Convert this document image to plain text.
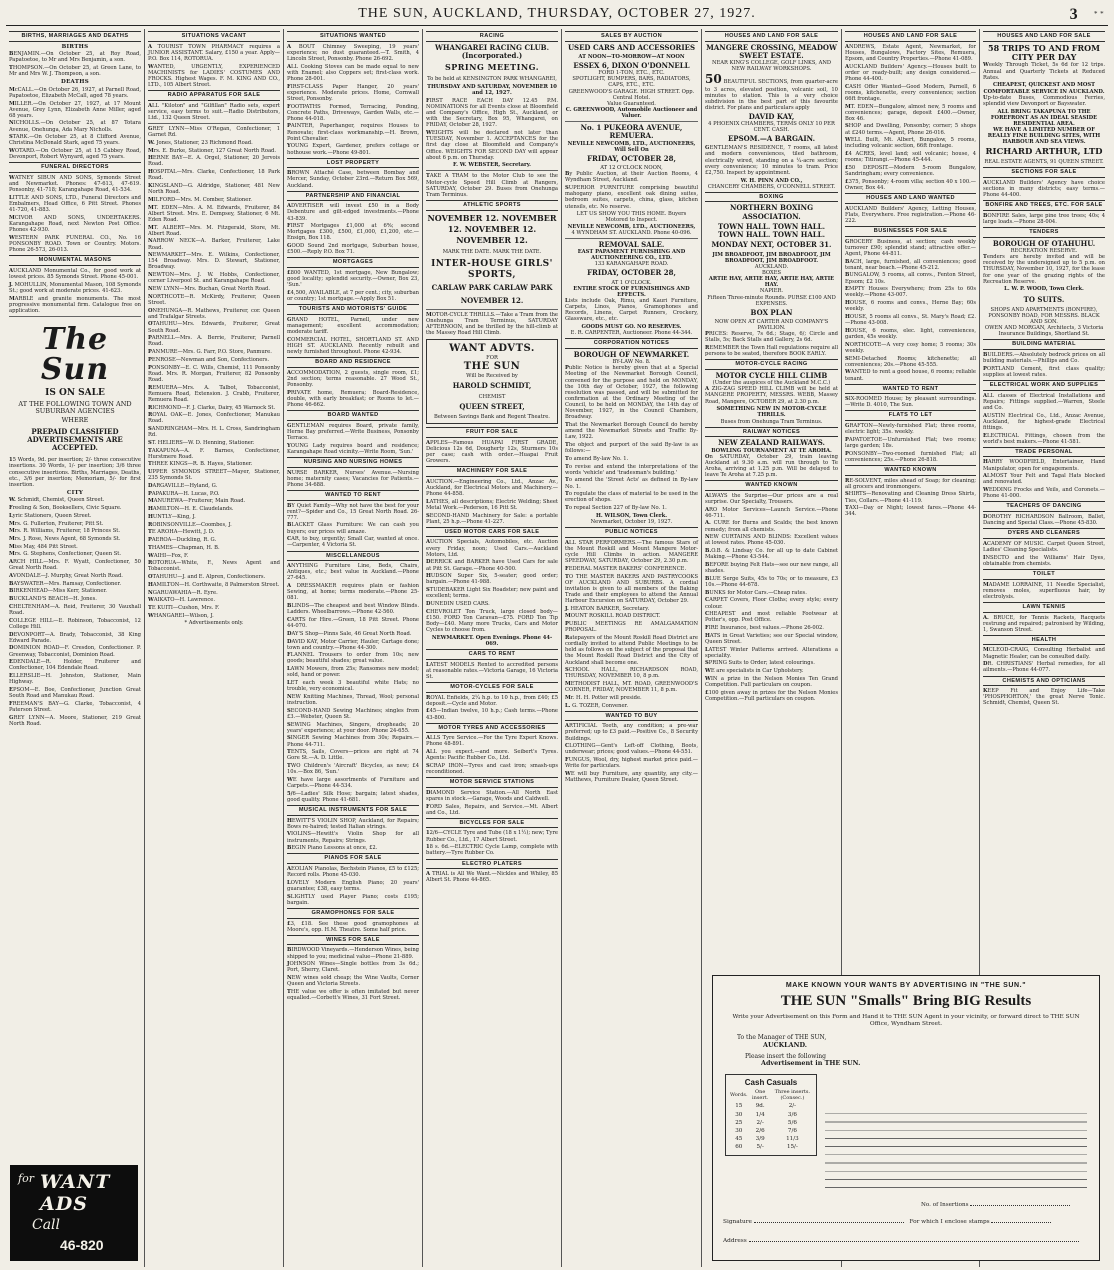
THE SUN, AUCKLAND, THURSDAY, OCTOBER 27, 1927.	3 * *
BIRTHS, MARRIAGES AND DEATHS
BIRTHS
BENJAMIN.—On October 25, at Roy Road, Papatoetoe, to Mr and Mrs Benjamin, a son.
THOMPSON.—On October 25, at Green Lane, to Mr and Mrs W. J. Thompson, a son.
DEATHS
McCALL.—On October 26, 1927, at Parnell Road, Papatoetoe, Elizabeth McCall, aged 78 years.
MILLER.—On October 27, 1927, at 17 Mount Avenue, Grey Lynn, Elizabeth Anne Miller, aged 68 years.
NICHOLLS.—On October 25, at 87 Totara Avenue, Onehunga, Ada Mary Nicholls.
STARK.—On October 25, at 8 Clifford Avenue, Christina McDonald Stark, aged 75 years.
WOTARD.—On October 25, at 15 Cabbey Road, Devonport, Robert Wynyard, aged 75 years.
FUNERAL DIRECTORS
WATNEY SIBUN AND SONS, Symonds Street and Newmarket. Phones: 47-613, 47-619. Ponsonby, 41-718; Karangahape Road, 41-534.
LITTLE AND SONS, LTD., Funeral Directors and Embalmers, Head Office, 6 Pitt Street. Phones 41-720, 41-883.
MCIVOR AND SONS, UNDERTAKERS. Karangahape Road, next Newton Post Office. Phones 42-930.
WESTERN PARK FUNERAL CO., No. 16 PONSONBY ROAD. Town or Country. Motors. Phone 26-573, 26-013.
MONUMENTAL MASONS
AUCKLAND Monumental Co., for good work at lowest prices. 85 Symonds Street. Phone 45-001.
J. MOHULLIN, Monumental Mason, 108 Symonds St.; good work at moderate prices. 41-623.
MARBLE and granite monuments. The most progressive monumental firm. Catalogue free on application.
The Sun
IS ON SALE
AT THE FOLLOWING TOWN AND SUBURBAN AGENCIES
WHERE
PREPAID CLASSIFIED ADVERTISEMENTS ARE ACCEPTED.
15 Words, 9d. per insertion; 2/- three consecutive insertions. 30 Words, 1/- per insertion; 3/6 three consecutive insertions. Births, Marriages, Deaths, etc., 3/6 per insertion; Memoriam, 5/- for first insertion.
CITY
W. Schmidt, Chemist, Queen Street.
Freeling & Son, Booksellers, Civic Square.
Lyric Stationers, Queen Street.
Mrs. G. Fullerton, Fruiterer, Pitt St.
Mrs. R. Williams, Fruiterer, 18 Princes St.
Mrs. J. Rose, News Agent, 68 Symonds St.
Miss May, 484 Pitt Street.
Mrs. G. Stephens, Confectioner, Queen St.
ARCH HILL—Mrs. F. Wyatt, Confectioner, 50 Great North Road.
AVONDALE—J. Murphy, Great North Road.
BAYSWATER—Mrs. Ramsay, Confectioner.
BIRKENHEAD—Miss Kerr, Stationer.
BUCKLAND'S BEACH—H. Jones.
CHELTENHAM—A. Reid, Fruiterer, 30 Vauxhall Road.
COLLEGE HILL—E. Robinson, Tobacconist, 12 College Hill.
DEVONPORT—A. Brady, Tobacconist, 38 King Edward Parade.
DOMINION ROAD—F. Cresdon, Confectioner. P. Greenway, Tobacconist, Dominion Road.
EDENDALE—R. Holder, Fruiterer and Confectioner, 104 Edendale Road.
ELLERSLIE—H. Johnston, Stationer, Main Highway.
EPSOM—E. Boe, Confectioner, Junction Great South Road and Manukau Road.
FREEMAN'S BAY—G. Clarke, Tobacconist, 4 Paterson Street.
GREY LYNN—A. Moore, Stationer, 219 Great North Road.
for WANT
ADS
Call
46-820
SITUATIONS VACANT
A TOURIST TOWN PHARMACY requires a JUNIOR ASSISTANT. Salary, £150 a year. Apply—P.O. Box 114, ROTORUA.
WANTED, URGENTLY, EXPERIENCED MACHINISTS for LADIES' COSTUMES AND FROCKS. Highest Wages. F. M. KING AND CO., LTD., 105 Albert Street.
RADIO APPARATUS FOR SALE
ALL "Kiloton" and "Gilfillan" Radio sets, expert service, easy terms to suit.—Radio Distributors, Ltd., 132 Queen Street.
GREY LYNN—Miss O'Regan, Confectioner, 1 Garnet Rd.
W. Jones, Stationer, 23 Richmond Road.
Mrs. E. Burke, Stationer, 127 Great North Road.
HERNE BAY—E. A. Orgel, Stationer, 20 Jervois Road.
HOSPITAL—Mrs. Clarke, Confectioner, 18 Park Road.
KINGSLAND—G. Aldridge, Stationer, 481 New North Road.
MILFORD—Mrs. M. Comber, Stationer.
MT. EDEN—Mrs. A. M. Edwards, Fruiterer, 84 Albert Street. Mrs. E. Dempsey, Stationer, 6 Mt. Eden Road.
MT. ALBERT—Mrs. M. Fitzgerald, Store, Mt. Albert Road.
NARROW NECK—A. Barker, Fruiterer, Lake Road.
NEWMARKET—Mrs. E. Wilkins, Confectioner, 154 Broadway. Mrs. D. Stewart, Stationer, Broadway.
NEWTON—Mrs. J. W. Hobbs, Confectioner, corner Liverpool St. and Karangahape Road.
NEW LYNN—Mrs. Buchan, Great North Road.
NORTHCOTE—R. McKirdy, Fruiterer, Queen Street.
ONEHUNGA—R. Mathews, Fruiterer, cor. Queen and Trafalgar Streets.
OTAHUHU—Mrs. Edwards, Fruiterer, Great South Road.
PARNELL—Mrs. A. Berrie, Fruiterer, Parnell Road.
PANMURE—Mrs. G. Farr, P.O. Store, Panmure.
PENROSE—Newman and Son, Confectioners.
PONSONBY—E. C. Wills, Chemist, 111 Ponsonby Road. Mrs. R. Morgan, Fruiterer, 82 Ponsonby Road.
REMUERA—Mrs. A. Talbot, Tobacconist, Remuera Road, Extension. J. Crabb, Fruiterer, Remuera Road.
RICHMOND—F. J. Clarke, Dairy, 45 Warnock St.
ROYAL OAK—E. Jones, Confectioner, Manukau Road.
SANDRINGHAM—Mrs. H. L. Cross, Sandringham Rd.
ST. HELIERS—W. D. Henning, Stationer.
TAKAPUNA—A. F. Barnes, Confectioner, Hurstmere Road.
THREE KINGS—R. B. Hayes, Stationer.
UPPER SYMONDS STREET—Mayer, Stationer, 235 Symonds St.
DARGAVILLE—Hyland, G.
PAPAKURA—H. Lucas, P.O.
MANUREWA—Fruiterer, Main Road.
HAMILTON—H. E. Claudelands.
HUNTLY—King, J.
ROBINSONVILLE—Coombes, J.
TE AROHA—Hewitt, J. D.
PAEROA—Duckling, R. G.
THAMES—Chapman, H. B.
WAIHI—Fox, F.
ROTORUA—White, F., News Agent and Tobacconist.
OTAHUHU—J. and E. Alpren, Confectioners.
HAMILTON—H. Corthwaite, 8 Palmerston Street.
NGARUAWAHIA—R. Eyre.
WAIKATO—H. Lawrence.
TE KUITI—Cushon, Mrs. F.
WHANGAREI—Wilson, J.
* Advertisements only.
SITUATIONS WANTED
A BOUT Chimney Sweeping, 19 years' experience; no dust guaranteed.—T. Smith, 4 Lincoln Street, Ponsonby. Phone 26-692.
ALL Cooking Stoves can be made equal to new with Enamel; also Coppers set; first-class work. Phone 28-001.
FIRST-CLASS Paper Hanger, 20 years' experience. Moderate prices. Home, Cornwall Street, Ponsonby.
FOOTPATHS Formed, Terracing, Ponding, Concrete Paths, Driveways, Garden Walls, etc.—Phone 44-018.
PAINTER, Paperhanger, requires Houses to Renovate; first-class workmanship.—H. Brown, Point Chevalier.
YOUNG Expert, Gardener, prefers cottage or hothouse work.—Phone 49-801.
LOST PROPERTY
BROWN Attaché Case, between Bombay and Mercer, Sunday, October 23rd.—Return Box 569, Auckland.
PARTNERSHIP AND FINANCIAL
ADVERTISER will invest £50 in a Body Debenture and gilt-edged investments.—Phone 43-839.
FIRST Mortgages £1,000 at 6%; second Mortgages £300, £500, £1,000, £1,200, etc.—Ensign, Box 118.
GOOD Sound 2nd mortgage, Suburban house, £500.—Reply P.O. Box 71.
MORTGAGES
£800 WANTED, 1st mortgage, New Bungalow; good locality; splendid security.—Owner, Box 23, 'Sun.'
£4,500, AVAILABLE, at 7 per cent.; city, suburban or country; 1st mortgage.—Apply Box 51.
TOURISTS AND MOTORISTS' GUIDE
GRAND HOTEL, Parnell, under new management; excellent accommodation; moderate tariff.
COMMERCIAL HOTEL, SHORTLAND ST. AND HIGH ST. AUCKLAND. Recently rebuilt and newly furnished throughout. Phone 42-934.
BOARD AND RESIDENCE
ACCOMMODATION, 2 guests, single room, £1; 2nd section; terms reasonable. 27 Wood St., Ponsonby.
PRIVATE home, Remuera; Board-Residence, double, with early breakfast; or Rooms to let.—Phone 46-662.
BOARD WANTED
GENTLEMAN requires Board, private family, Herne Bay preferred.—Write Business, Ponsonby Terrace.
YOUNG Lady requires board and residence; Karangahape Road vicinity.—Write Room, 'Sun.'
NURSING AND NURSING HOMES
NURSE BARKER, Nurses' Avenue.—Nursing home; maternity cases; Vacancies for Patients.—Phone 34-688.
WANTED TO RENT
BY Quiet Family—Why not have the best for your rent?—Spider and Co., 15 Great North Road. 26-777.
BLACKET Glass Furniture: We can cash you buyers; our prices will amaze.
CAR, to buy, urgently; Small Car, wanted at once.—Carpenter, 4 Victoria St.
MISCELLANEOUS
ANYTHING Furniture Line, Beds, Chairs, Antiques, etc.; best value in Auckland.—Phone 27-645.
A DRESSMAKER requires plain or fashion Sewing, at home; terms moderate.—Phone 25-081.
BLINDS—The cheapest and best Window Blinds. Ladders. Wheelbarrows.—Phone 42-560.
CARTS for Hire.—Green, 18 Pitt Street. Phone 44-070.
DAY'S Shop—Pinns Sale, 46 Great North Road.
DAVID KAY, Motor Carrier, Hauler, Cartage done; town and country.—Phone 44-300.
FLANNEL Trousers to order from 10s; new goods; beautiful shades; great value.
LAWN Mowers, from 25s; Ransomes new model; sold, hand or power.
LET each week 3 beautiful white Hats; no trouble, very economical.
NEW Knitting Machines, Thread, Wool; personal instruction.
SECOND-HAND Sewing Machines; singles from £3.—Webster, Queen St.
SEWING Machines, Singers, dropheads; 20 years' experience; at your door. Phone 24-655.
SINGER Sewing Machines from 30s; Repairs.—Phone 44-711.
TENTS, Sails, Covers—prices are right at 74 Gore St.—A. D. Little.
TWO Children's 'Aircraft' Bicycles, as new; £4 10s.—Box 86, 'Sun.'
WE have large assortments of Furniture and Carpets.—Phone 44-534.
5/6—Ladies' Silk Hose; bargain; latest shades, good quality. Phone 41-681.
MUSICAL INSTRUMENTS FOR SALE
HEWITT'S VIOLIN SHOP, Auckland, for Repairs; Bows re-haired; tested Italian strings.
VIOLINS—Hewitt's Violin Shop for all instruments, Repairs; Strings.
BEGIN Piano Lessons at once, £2.
PIANOS FOR SALE
AEOLIAN Pianolas, Bechstein Pianos, £5 to £125; Record rolls. Phone 45-030.
LOVELY Modern English Piano; 20 years' guarantee; £38, easy terms.
SLIGHTLY used Player Piano; costs £195; bargain.
GRAMOPHONES FOR SALE
£3, £18. See these good gramophones at Moore's, opp. H.M. Theatre. Some half price.
WINES FOR SALE
BIRDWOOD Vineyards.—Henderson Wines, being shipped to you; medicinal value—Phone 21-889.
JOHNSON Wines—Single bottles from 3s 6d.; Port, Sherry, Claret.
NEW wines sold cheap; the Wine Vaults, Corner Queen and Victoria Streets.
THE value we offer is often imitated but never equalled.—Corbett's Wines, 31 Fort Street.
RACING
WHANGAREI RACING CLUB. (Incorporated.)
SPRING MEETING.
To be held at KENSINGTON PARK WHANGAREI,
THURSDAY AND SATURDAY, NOVEMBER 10 and 12, 1927.
FIRST RACE EACH DAY 12.45 P.M. NOMINATIONS for all Events close at Bloomfield and Company's Office, High St., Auckland, or with the Secretary, Box 95, Whangarei, on FRIDAY, October 28, 1927.
WEIGHTS will be declared not later than TUESDAY, November 1. ACCEPTANCES for the first day close at Bloomfield and Company's Office. WEIGHTS FOR SECOND DAY will appear about 6 p.m. on Thursday.
F. W. WEBSTER, Secretary.
TAKE A TRAM to the Motor Club to see the Motor-cycle Speed Hill Climb at Rangers, SATURDAY, October 29. Buses from Onehunga Tram Terminus.
ATHLETIC SPORTS
NOVEMBER 12. NOVEMBER 12. NOVEMBER 12. NOVEMBER 12.
MARK THE DATE. MARK THE DATE.
INTER-HOUSE GIRLS' SPORTS,
CARLAW PARK CARLAW PARK
NOVEMBER 12.
MOTOR-CYCLE THRILLS.—Take a Tram from the Onehunga Tram Terminus, SATURDAY AFTERNOON, and be thrilled by the hill-climb at the Massey Road Hill Climb.
WANT ADVTS.
FOR
THE SUN
Will be Received by
HAROLD SCHMIDT,
CHEMIST
QUEEN STREET,
Between Savings Bank and Regent Theatre.
FRUIT FOR SALE
APPLES—Famous HUAPAI FIRST GRADE, Delicious 12s 6d, Dougherty 12s, Sturmers 10s per case; cash with order.—Huapai Fruit Growers.
MACHINERY FOR SALE
AUCTION.—Engineering Co., Ltd., Anzac Av., Auckland, for Electrical Motors and Machinery.—Phone 44-858.
LATHES, all descriptions; Electric Welding; Sheet Metal Work.—Pederson, 16 Pitt St.
SECOND-HAND Machinery for Sale: a portable Plant, 25 h.p.—Phone 41-227.
USED MOTOR CARS FOR SALE
AUCTION Specials, Automobiles, etc. Auction every Friday, noon; Used Cars.—Auckland Motors, Ltd.
DERRICK and BARKER have Used Cars for sale at Pitt St. Garage.—Phone 40-500.
HUDSON Super Six, 5-seater; good order; bargain.—Phone 41-988.
STUDEBAKER Light Six Roadster; new paint and excellent; terms.
DUNEDIN USED CARS.
CHEVROLET Ton Truck, large closed body—£150. FORD Ton Caravan—£75. FORD Ton Tip Body—£40. Many more Trucks, Cars and Motor Cycles to choose from.
NEWMARKET. Open Evenings. Phone 44-069.
CARS TO RENT
LATEST MODELS Rented to accredited persons at reasonable rates.—Victoria Garage, 16 Victoria St.
MOTOR-CYCLES FOR SALE
ROYAL Enfields, 2¼ h.p. to 10 h.p., from £40; £5 deposit.—Cycle and Motor.
£45—Indian twelve, 10 h.p.; Cash terms.—Phone 43-800.
MOTOR TYRES AND ACCESSORIES
ALLS Tyre Service.—For the Tyre Expert Knows. Phone 48-891.
ALL you expect.—and more. Seibert's Tyres. Agents: Pacific Rubber Co., Ltd.
SCRAP IRON—Tyres and cast iron; smash-ups reconditioned.
MOTOR SERVICE STATIONS
DIAMOND Service Station.—All North East spares in stock.—Garage, Woods and Caldwell.
FORD Sales, Repairs, and Service.—Mt. Albert and Co., Ltd.
BICYCLES FOR SALE
12/6—CYCLE Tyre and Tube (18 x 1½); new; Tyre Rubber Co., Ltd., 17 Albert Street.
18 s. 6d.—ELECTRIC Cycle Lamp, complete with battery.—Tyre Rubber Co.
ELECTRO PLATERS
A TRIAL is All We Want.—Nickles and Whiley, 85 Albert St. Phone 44-865.
SALES BY AUCTION
USED CARS AND ACCESSORIES
AT NOON—TO-MORROW—AT NOON
ESSEX 6, DIXON O'DONNELL
FORD 1-TON, ETC., ETC.
SPOTLIGHT, BUMPERS, BARS, RADIATORS, CAPS, ETC., ETC.
GREENWOOD'S GARAGE. HIGH STREET. Opp. Central Hotel.
Value Guaranteed.
C. GREENWOOD, Automobile Auctioneer and Valuer.
No. 1 PUKEORA AVENUE, REMUERA.
NEVILLE NEWCOMB, LTD., AUCTIONEERS, Will Sell On
FRIDAY, OCTOBER 28,
AT 12 O'CLOCK NOON,
By Public Auction, at their Auction Rooms, 4 Wyndham Street, Auckland.
SUPERIOR FURNITURE comprising beautiful mahogany piano, excellent oak dining suites, bedroom suites, carpets, china, glass, kitchen utensils, etc. No reserve.
LET US SHOW YOU THIS HOME. Buyers Motored to Inspect.
NEVILLE NEWCOMB, LTD., AUCTIONEERS,
4 WYNDHAM ST. AUCKLAND. Phone 40-096.
REMOVAL SALE.
EAST PAPAMENT FURNISHING AND AUCTIONEERING CO., LTD.
133 KARANGAHAPE ROAD.
FRIDAY, OCTOBER 28,
AT 1 O'CLOCK.
ENTIRE STOCK OF FURNISHINGS AND EFFECTS.
Lists include Oak, Rimu, and Kauri Furniture, Carpets, Linos, Pianos, Gramophones and Records, Linens, Carpet Runners, Crockery, Glassware, etc., etc.
GOODS MUST GO. NO RESERVES.
E. R. CARPENTER, Auctioneer. Phone 44-344.
CORPORATION NOTICES
BOROUGH OF NEWMARKET.
BY-LAW No. 8.
Public Notice is hereby given that at a Special Meeting of the Newmarket Borough Council, convened for the purpose and held on MONDAY, the 10th day of October, 1927, the following resolution was passed, and will be submitted for confirmation at the Ordinary Meeting of the Council, to be held on MONDAY, the 14th day of November, 1927, in the Council Chambers, Broadway.
That the Newmarket Borough Council do hereby amend the Newmarket Streets and Traffic By-Law, 1922.
The object and purport of the said By-law is as follows:—
To amend By-law No. 1.
To revise and extend the interpretations of the words 'vehicle' and 'tradesman's building.'
To amend the 'Street Acts' as defined in By-law No. 1.
To regulate the class of material to be used in the erection of shops.
To repeal Section 227 of By-law No. 1.
H. WILSON, Town Clerk.
Newmarket, October 19, 1927.
PUBLIC NOTICES
ALL STAR PERFORMERS.—The famous Stars of the Mount Roskill and Mount Mangere Motor-cycle Hill Climbs in action. MANGERE SPEEDWAY, SATURDAY, October 29, 2.30 p.m.
FEDERAL MASTER BAKERS' CONFERENCE.
TO THE MASTER BAKERS AND PASTRYCOOKS OF AUCKLAND AND SUBURBS. A cordial invitation is given to all members of the Baking Trade and their employees to attend the Annual Harbour Excursion on SATURDAY, October 29.
J. HEATON BARKER, Secretary.
MOUNT ROSKILL ROAD DISTRICT.
PUBLIC MEETINGS RE AMALGAMATION PROPOSAL.
Ratepayers of the Mount Roskill Road District are cordially invited to attend Public Meetings to be held as follows on the subject of the proposal that the Mount Roskill Road District and the City of Auckland shall become one.
SCHOOL HALL, RICHARDSON ROAD, THURSDAY, NOVEMBER 10, 8 p.m.
METHODIST HALL, MT. ROAD, GREENWOOD'S CORNER, FRIDAY, NOVEMBER 11, 8 p.m.
Mr. H. H. Potter will preside.
L. G. TOZER, Convener.
WANTED TO BUY
ARTIFICIAL Teeth, any condition; a pre-war preferred; up to £3 paid.—Positive Co., 8 Security Buildings.
CLOTHING—Gent's Left-off Clothing, Boots, underwear; prices; good values.—Phone 44-551.
FUNGUS, Wool, dry, highest market price paid.—Write for particulars.
WE will buy Furniture, any quantity, any city.—Matthews, Furniture Dealer, Queen Street.
HOUSES AND LAND FOR SALE
MANGERE CROSSING, MEADOW SWEET ESTATE.
NEAR KING'S COLLEGE, GOLF LINKS, AND NEW RAILWAY WORKSHOPS.
50 BEAUTIFUL SECTIONS, from quarter-acre to 3 acres, elevated position, volcanic soil, 10 minutes to station. This is a very choice subdivision in the best part of this favourite district. For plans and particulars apply
DAVID KAY,
4 PHOENIX CHAMBERS, TERMS ONLY 10 PER CENT. CASH.
EPSOM.—A BARGAIN.
GENTLEMAN'S RESIDENCE, 7 rooms, all latest and modern conveniences, tiled bathroom, electrically wired, standing on a ¼-acre section; every convenience; 10 minutes to tram. Price £2,750. Inspect by appointment.
W. H. PINN AND CO.,
CHANCERY CHAMBERS, O'CONNELL STREET.
BOXING
NORTHERN BOXING ASSOCIATION.
TOWN HALL. TOWN HALL. TOWN HALL. TOWN HALL.
MONDAY NEXT, OCTOBER 31.
JIM BROADFOOT, JIM BROADFOOT, JIM BROADFOOT, JIM BROADFOOT.
AUCKLAND.
BOXES
ARTIE HAY, ARTIE HAY, ARTIE HAY, ARTIE HAY.
NAPIER.
Fifteen Three-minute Rounds. PURSE £100 AND EXPENSES.
BOX PLAN
NOW OPEN AT CARTER AND COMPANY'S PAVILION.
PRICES: Reserve, 7s 6d.; Stage, 6/; Circle and Stalls, 5s; Back Stalls and Gallery, 2s 6d.
REMEMBER the Town Hall regulations require all persons to be seated, therefore BOOK EARLY.
MOTOR-CYCLE RACING
MOTOR CYCLE HILL CLIMB
(Under the auspices of the Auckland M.C.C.)
A ZIG-ZAG SPEED HILL CLIMB will be held at MANGERE PROPERTY, MESSRS. WEBB, Massey Road, Mangere, OCTOBER 29, at 2.30 p.m.
SOMETHING NEW IN MOTOR-CYCLE THRILLS.
Buses from Onehunga Tram Terminus.
RAILWAY NOTICES
NEW ZEALAND RAILWAYS.
BOWLING TOURNAMENT AT TE AROHA.
On SATURDAY, October 29, train leaving Auckland at 9.30 a.m. will run through to Te Aroha, arriving at 1.25 p.m. Will be delayed to leave Te Aroha at 7.25 p.m.
WANTED KNOWN
ALWAYS the Surprise—Our prices are a real surprise. Our Specialty, Trousers.
ARO Motor Services—Launch Service.—Phone 46-711.
A. CURE for Burns and Scalds; the best known remedy; from all chemists.
NEW CURTAINS AND BLINDS: Excellent values at lowest rates. Phone 45-030.
B.O.B. & Lindsay Co. for all up to date Cabinet Making.—Phone 43-544.
BEFORE buying Felt Hats—see our new range, all shades.
BLUE Serge Suits, 45s to 70s; or to measure, £3 10s.—Phone 44-678.
BUNKS for Motor Cars.—Cheap rates.
CARPET Covers, Floor Cloths; every style; every colour.
CHEAPEST and most reliable Footwear at Potter's, opp. Post Office.
FIRE Insurance, best values.—Phone 26-002.
HATS in Great Varieties; see our Special window, Queen Street.
LATEST Winter Patterns arrived. Alterations a speciality.
SPRING Suits to Order; latest colourings.
WE are specialists in Car Upholstery.
WIN a prize in the Nelson Monies Ten Grand Competition. Full particulars on coupon.
£100 given away in prizes for the Nelson Monies Competition.—Full particulars on coupon.
HOUSES AND LAND FOR SALE
ANDREWS, Estate Agent, Newmarket, for Houses, Bungalows, Factory Sites, Remuera, Epsom, and Country Properties.—Phone 41-089.
AUCKLAND Builders' Agency.—Houses built to order or ready-built; any design considered.—Phone 44-400.
CASH Offer Wanted—Good Modern, Parnell, 6 rooms, kitchenette, every convenience; section 66ft frontage.
MT. EDEN—Bungalow, almost new, 5 rooms and conveniences; garage, deposit £400.—Owner, Box 46.
SHOP and Dwelling, Ponsonby; corner; 5 shops at £240 terms.—Agent, Phone 26-016.
WELL Built, Mt. Albert, Bungalow, 5 rooms, including volcanic section, 66ft frontage.
£4 ACRES, level land; soil volcanic; house, 4 rooms; Titirangi.—Phone 45-444.
£50 DEPOSIT.—Modern 5-room Bungalow, Sandringham; every convenience.
£375, Ponsonby; 4-room villa; section 40 x 100.—Owner, Box 44.
HOUSES AND LAND WANTED
AUCKLAND Builders' Agency, Letting Houses, Flats, Everywhere. Free registration.—Phone 46-222.
BUSINESSES FOR SALE
GROCERY Business, at section; cash weekly turnover £90; splendid stand; attractive offer.—Agent, Phone 44-811.
BACH, large, furnished, all conveniences; good tenant, near beach.—Phone 45-212.
BUNGALOW, 5 rooms, all convs., Fenton Street, Epsom; £2 10s.
EMPTY Houses Everywhere; from 25s to 60s weekly.—Phone 43-007.
HOUSE, 6 rooms and convs., Herne Bay; 60s weekly.
HOUSE, 5 rooms all convs., St. Mary's Road; £2.—Phone 43-008.
HOUSE, 6 rooms, elec. light, conveniences, garden, 45s weekly.
NORTHCOTE—A very cosy home; 5 rooms; 30s weekly.
SEMI-Detached Rooms; kitchenette; all conveniences; 20s.—Phone 45-555.
WANTED to rent a good house, 6 rooms; reliable tenant.
WANTED TO RENT
SIX-ROOMED House; by pleasant surroundings.—Write D. 4010, The Sun.
FLATS TO LET
GRAFTON—Newly-furnished Flat; three rooms, electric light; 35s. weekly.
PAPATOETOE—Unfurnished Flat; two rooms; large garden; 18s.
PONSONBY—Two-roomed furnished Flat; all conveniences; 25s.—Phone 26-818.
WANTED KNOWN
RE-SOLVENT, miles ahead of Soap; for cleaning; all grocers and ironmongers.
SHIRTS—Renovating and Cleaning Dress Shirts, Ties, Collars.—Phone 41-119.
TAXI—Day or Night; lowest fares.—Phone 44-344.
HOUSES AND LAND FOR SALE
58 TRIPS TO AND FROM CITY PER DAY
Weekly Through Ticket, 5s 6d for 12 trips. Annual and Quarterly Tickets at Reduced Rates.
CHEAPEST, QUICKEST AND MOST COMFORTABLE SERVICE IN AUCKLAND.
Up-to-date Buses, Commodious Ferries, splendid view Devonport or Bayswater.
ALL BRING TAKAPUNA TO THE FOREFRONT AS AN IDEAL SEASIDE RESIDENTIAL AREA.
WE HAVE A LIMITED NUMBER OF REALLY FINE BUILDING SITES, WITH HARBOUR AND SEA VIEWS.
RICHARD ARTHUR, LTD
REAL ESTATE AGENTS, 91 QUEEN STREET.
SECTIONS FOR SALE
AUCKLAND Builders' Agency have choice sections in many districts; easy terms.—Phone 44-400.
BONFIRE AND TREES, ETC. FOR SALE
BONFIRE Sales, large pine tree trees; 40s; 4 large loads.—Phone 28-004.
TENDERS
BOROUGH OF OTAHUHU.
RECREATION RESERVE.
Tenders are hereby invited and will be received by the undersigned up to 5 p.m. on THURSDAY, November 10, 1927, for the lease for one year of the grazing rights of the Recreation Reserve.
L. W. P. WOOD, Town Clerk.
TO SUITS.
SHOPS AND APARTMENTS (BONFIRE), PONSONBY ROAD, FOR MESSRS. BLACK AND SON.
OWEN AND MORGAN, Architects, 3 Victoria Insurance Buildings, Shortland St.
BUILDING MATERIAL
BUILDERS.—Absolutely bedrock prices on all building materials.—Phillips and Co.
PORTLAND Cement, first class quality; supplies at lowest rates.
ELECTRICAL WORK AND SUPPLIES
ALL classes of Electrical Installations and Repairs; Fittings supplied.—Warren, Steele and Co.
AUSTIN Electrical Co., Ltd., Anzac Avenue, Auckland, for highest-grade Electrical fittings.
ELECTRICAL Fittings, chosen from the world's best makers.—Phone 41-581.
TRADE PERSONAL
HARRY WOODFIELD, Entertainer, Hand Manipulator, open for engagements.
ALMOST Your Felt and Tagal Hats blocked and renovated.
WEDDING Frocks and Veils, and Coronets.—Phone 41-000.
TEACHERS OF DANCING
DOROTHY RICHARDSON Ballroom, Ballet, Dancing and Special Class.—Phone 45-830.
DYERS AND CLEANERS
ACADEMY OF MUSIC. Carpet Queen Street, Ladies' Cleaning Specialists.
INSECTO and the Williams' Hair Dyes, obtainable from chemists.
TOILET
MADAME LORRAINE, 11 Needle Specialist, removes moles, superfluous hair, by electrolysis.
LAWN TENNIS
A. BRUCE, for Tennis Rackets, Racquets restrung and repaired; patronised by Wilding, 1, Swanson Street.
HEALTH
MCLEOD-CRAIG, Consulting Herbalist and Magnetic Healer, can be consulted daily.
DR. CHRISTIANS' Herbal remedies, for all ailments.—Phone 44-077.
CHEMISTS AND OPTICIANS
KEEP Fit and Enjoy Life—Take 'PHOSPHORTON,' the great Nerve Tonic. Schmidt, Chemist, Queen St.
MAKE KNOWN YOUR WANTS BY ADVERTISING IN "THE SUN."
THE SUN "Smalls" Bring BIG Results
Write your Advertisement on this Form and Hand it to THE SUN Agent in your vicinity, or forward direct to THE SUN Office, Wyndham Street.
To the Manager of THE SUN,
AUCKLAND.
Please insert the following
Advertisement in THE SUN.
Cash Casuals
Words.	One insert.	Three inserts. (Consec.)
15	9d.	2/-
30	1/4	3/6
25	2/-	5/6
30	2/6	7/6
45	3/9	11/3
60	5/-	15/-
No. of Insertions
Signature	For which I enclose stamps
Address
